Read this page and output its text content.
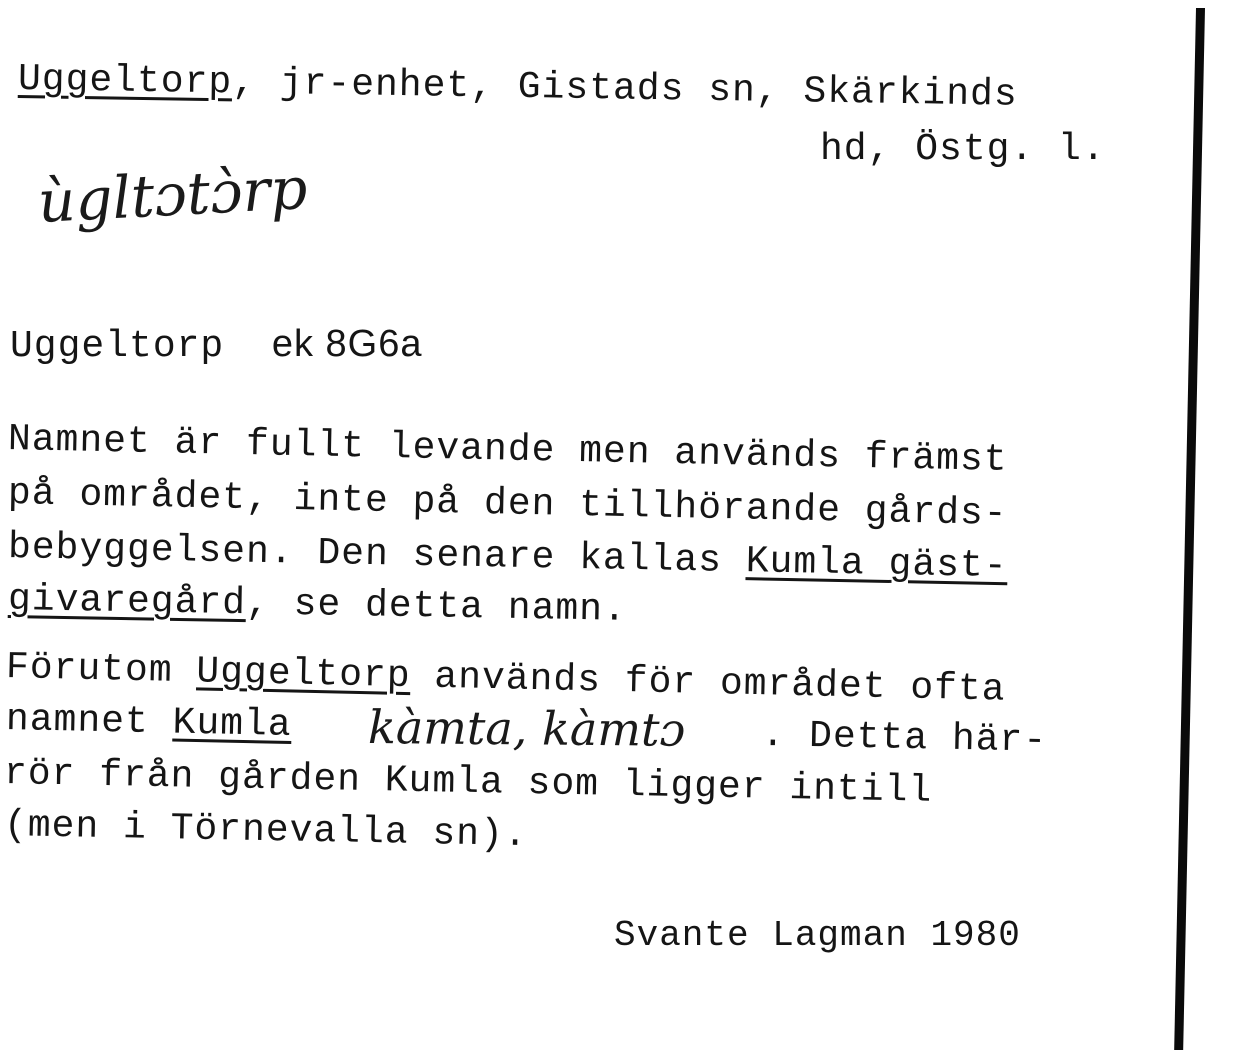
Uggeltorp, jr-enhet, Gistads sn, Skärkinds
hd, Östg. l.
ùgltɔtɔ̀rp
Uggeltorp ek 8G6a
Namnet är fullt levande men används främst
på området, inte på den tillhörande gårds-
bebyggelsen. Den senare kallas Kumla gäst-
givaregård, se detta namn.
Förutom Uggeltorp används för området ofta
namnet Kumla	. Detta här-
kàmta, kàmtɔ
rör från gården Kumla som ligger intill
(men i Törnevalla sn).
Svante Lagman 1980
